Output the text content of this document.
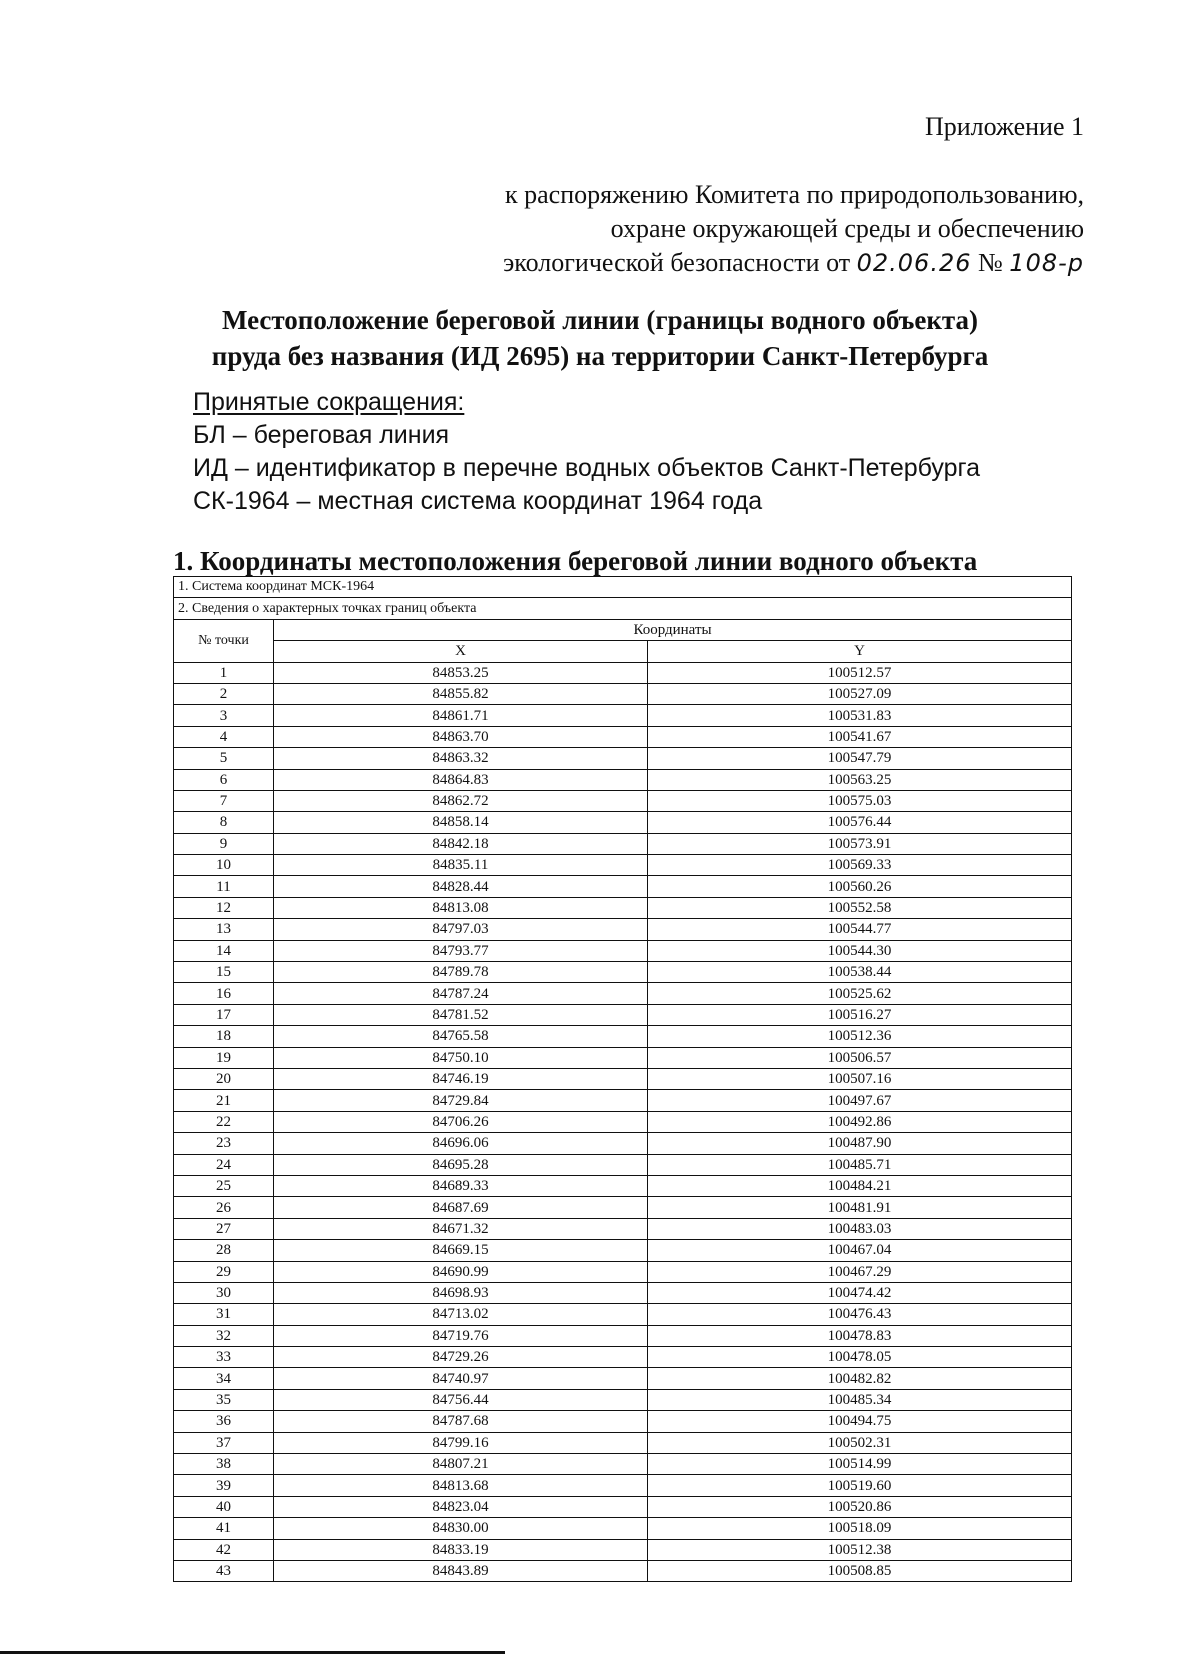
Приложение 1
к распоряжению Комитета по природопользованию,
охране окружающей среды и обеспечению
экологической безопасности от 02.06.26 № 108-р
Местоположение береговой линии (границы водного объекта)
пруда без названия (ИД 2695) на территории Санкт-Петербурга
Принятые сокращения:
БЛ – береговая линия
ИД – идентификатор в перечне водных объектов Санкт-Петербурга
СК-1964 – местная система координат 1964 года
1. Координаты местоположения береговой линии водного объекта
1. Система координат МСК-1964		
2. Сведения о характерных точках границ объекта		
№ точки	Координаты	
	X	Y
1	84853.25	100512.57
2	84855.82	100527.09
3	84861.71	100531.83
4	84863.70	100541.67
5	84863.32	100547.79
6	84864.83	100563.25
7	84862.72	100575.03
8	84858.14	100576.44
9	84842.18	100573.91
10	84835.11	100569.33
11	84828.44	100560.26
12	84813.08	100552.58
13	84797.03	100544.77
14	84793.77	100544.30
15	84789.78	100538.44
16	84787.24	100525.62
17	84781.52	100516.27
18	84765.58	100512.36
19	84750.10	100506.57
20	84746.19	100507.16
21	84729.84	100497.67
22	84706.26	100492.86
23	84696.06	100487.90
24	84695.28	100485.71
25	84689.33	100484.21
26	84687.69	100481.91
27	84671.32	100483.03
28	84669.15	100467.04
29	84690.99	100467.29
30	84698.93	100474.42
31	84713.02	100476.43
32	84719.76	100478.83
33	84729.26	100478.05
34	84740.97	100482.82
35	84756.44	100485.34
36	84787.68	100494.75
37	84799.16	100502.31
38	84807.21	100514.99
39	84813.68	100519.60
40	84823.04	100520.86
41	84830.00	100518.09
42	84833.19	100512.38
43	84843.89	100508.85
